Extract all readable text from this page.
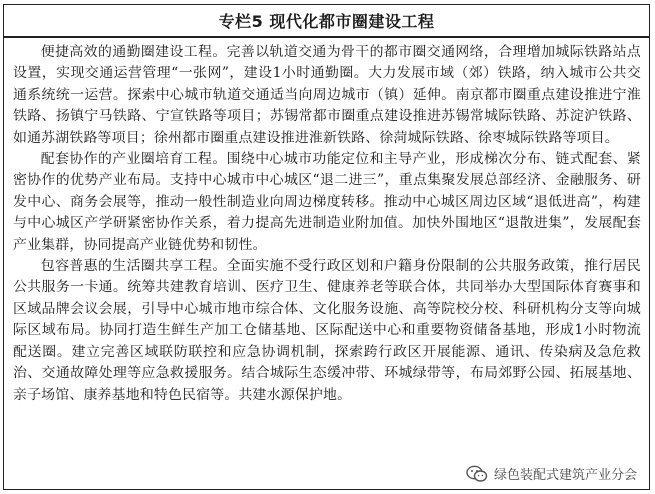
专栏5 现代化都市圈建设工程

便捷高效的通勤圈建设工程。完善以轨道交通为骨干的都市圈交通网络，合理增加城际铁路站点设置，实现交通运营管理“一张网”，建设1小时通勤圈。大力发展市域（郊）铁路，纳入城市公共交通系统统一运营。探索中心城市轨道交通适当向周边城市（镇）延伸。南京都市圈重点建设推进宁淮铁路、扬镇宁马铁路、宁宣铁路等项目；苏锡常都市圈重点建设推进苏锡常城际铁路、苏淀沪铁路、如通苏湖铁路等项目；徐州都市圈重点建设推进淮新铁路、徐菏城际铁路、徐枣城际铁路等项目。

配套协作的产业圈培育工程。围绕中心城市功能定位和主导产业，形成梯次分布、链式配套、紧密协作的优势产业布局。支持中心城市中心城区“退二进三”，重点集聚发展总部经济、金融服务、研发中心、商务会展等，推动一般性制造业向周边梯度转移。推动中心城区周边区域“退低进高”，构建与中心城区产学研紧密协作关系，着力提高先进制造业附加值。加快外围地区“退散进集”，发展配套产业集群，协同提高产业链优势和韧性。

包容普惠的生活圈共享工程。全面实施不受行政区划和户籍身份限制的公共服务政策，推行居民公共服务一卡通。统筹共建教育培训、医疗卫生、健康养老等联合体，共同举办大型国际体育赛事和区域品牌会议会展，引导中心城市地市综合体、文化服务设施、高等院校分校、科研机构分支等向城际区域布局。协同打造生鲜生产加工仓储基地、区际配送中心和重要物资储备基地，形成1小时物流配送圈。建立完善区域联防联控和应急协调机制，探索跨行政区开展能源、通讯、传染病及急危救治、交通故障处理等应急救援服务。结合城际生态缓冲带、环城绿带等，布局郊野公园、拓展基地、亲子场馆、康养基地和特色民宿等。共建水源保护地。

绿色装配式建筑产业分会
